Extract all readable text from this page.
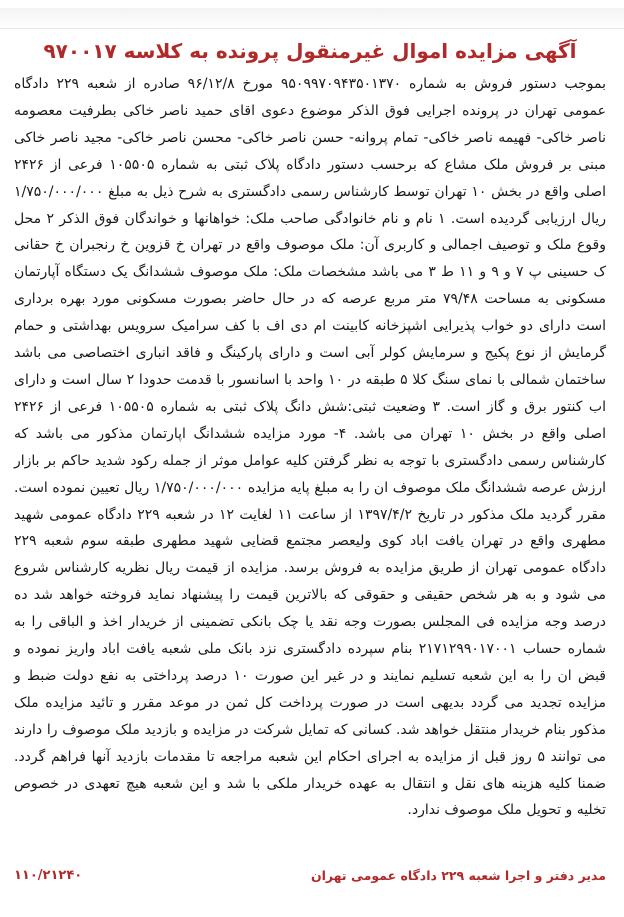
آگهی مزایده اموال غیرمنقول پرونده به کلاسه ۹۷۰۰۱۷

بموجب دستور فروش به شماره ۹۵۰۹۹۷۰۹۴۳۵۰۱۳۷۰ مورخ ۹۶/۱۲/۸ صادره از شعبه ۲۲۹ دادگاه عمومی تهران در پرونده اجرایی فوق الذکر موضوع دعوی اقای حمید ناصر خاکی بطرفیت معصومه ناصر خاکی- فهیمه ناصر خاکی- تمام پروانه- حسن ناصر خاکی- محسن ناصر خاکی- مجید ناصر خاکی مبنی بر فروش ملک مشاع که برحسب دستور دادگاه پلاک ثبتی به شماره ۱۰۵۵۰۵ فرعی از ۲۴۲۶ اصلی واقع در بخش ۱۰ تهران توسط کارشناس رسمی دادگستری به شرح ذیل به مبلغ ۱/۷۵۰/۰۰۰/۰۰۰ ریال ارزیابی گردیده است. ۱ نام و نام خانوادگی صاحب ملک: خواهانها و خواندگان فوق الذکر ۲ محل وقوع ملک و توصیف اجمالی و کاربری آن: ملک موصوف واقع در تهران خ قزوین خ رنجبران خ حقانی ک حسینی پ ۷ و ۹ و ۱۱ ط ۳ می باشد مشخصات ملک: ملک موصوف ششدانگ یک دستگاه آپارتمان مسکونی به مساحت ۷۹/۴۸ متر مربع عرصه که در حال حاضر بصورت مسکونی مورد بهره برداری است دارای دو خواب پذیرایی اشپزخانه کابینت ام دی اف با کف سرامیک سرویس بهداشتی و حمام گرمایش از نوع پکیج و سرمایش کولر آبی است و دارای پارکینگ و فاقد انباری اختصاصی می باشد ساختمان شمالی با نمای سنگ کلا ۵ طبقه در ۱۰ واحد با اسانسور با قدمت حدودا ۲ سال است و دارای اب کنتور برق و گاز است. ۳ وضعیت ثبتی:شش دانگ پلاک ثبتی به شماره ۱۰۵۵۰۵ فرعی از ۲۴۲۶ اصلی واقع در بخش ۱۰ تهران می باشد. ۴- مورد مزایده ششدانگ اپارتمان مذکور می باشد که کارشناس رسمی دادگستری با توجه به نظر گرفتن کلیه عوامل موثر از جمله رکود شدید حاکم بر بازار ارزش عرصه ششدانگ ملک موصوف ان را به مبلغ پایه مزایده ۱/۷۵۰/۰۰۰/۰۰۰ ریال تعیین نموده است. مقرر گردید ملک مذکور در تاریخ ۱۳۹۷/۴/۲ از ساعت ۱۱ لغایت ۱۲ در شعبه ۲۲۹ دادگاه عمومی شهید مطهری واقع در تهران یافت اباد کوی ولیعصر مجتمع قضایی شهید مطهری طبقه سوم شعبه ۲۲۹ دادگاه عمومی تهران از طریق مزایده به فروش برسد. مزایده از قیمت ریال نظریه کارشناس شروع می شود و به هر شخص حقیقی و حقوقی که بالاترین قیمت را پیشنهاد نماید فروخته خواهد شد ده درصد وجه مزایده فی المجلس بصورت وجه نقد یا چک بانکی تضمینی از خریدار اخذ و الباقی را به شماره حساب ۲۱۷۱۲۹۹۰۱۷۰۰۱ بنام سپرده دادگستری نزد بانک ملی شعبه یافت اباد واریز نموده و قبض ان را به این شعبه تسلیم نمایند و در غیر این صورت ۱۰ درصد پرداختی به نفع دولت ضبط و مزایده تجدید می گردد بدیهی است در صورت پرداخت کل ثمن در موعد مقرر و تائید مزایده ملک مذکور بنام خریدار منتقل خواهد شد. کسانی که تمایل شرکت در مزایده و بازدید ملک موصوف را دارند می توانند ۵ روز قبل از مزایده به اجرای احکام این شعبه مراجعه تا مقدمات بازدید آنها فراهم گردد. ضمنا کلیه هزینه های نقل و انتقال به عهده خریدار ملکی با شد و این شعبه هیچ تعهدی در خصوص تخلیه و تحویل ملک موصوف ندارد.

مدیر دفتر و اجرا شعبه ۲۲۹ دادگاه عمومی تهران
۱۱۰/۲۱۲۴۰
